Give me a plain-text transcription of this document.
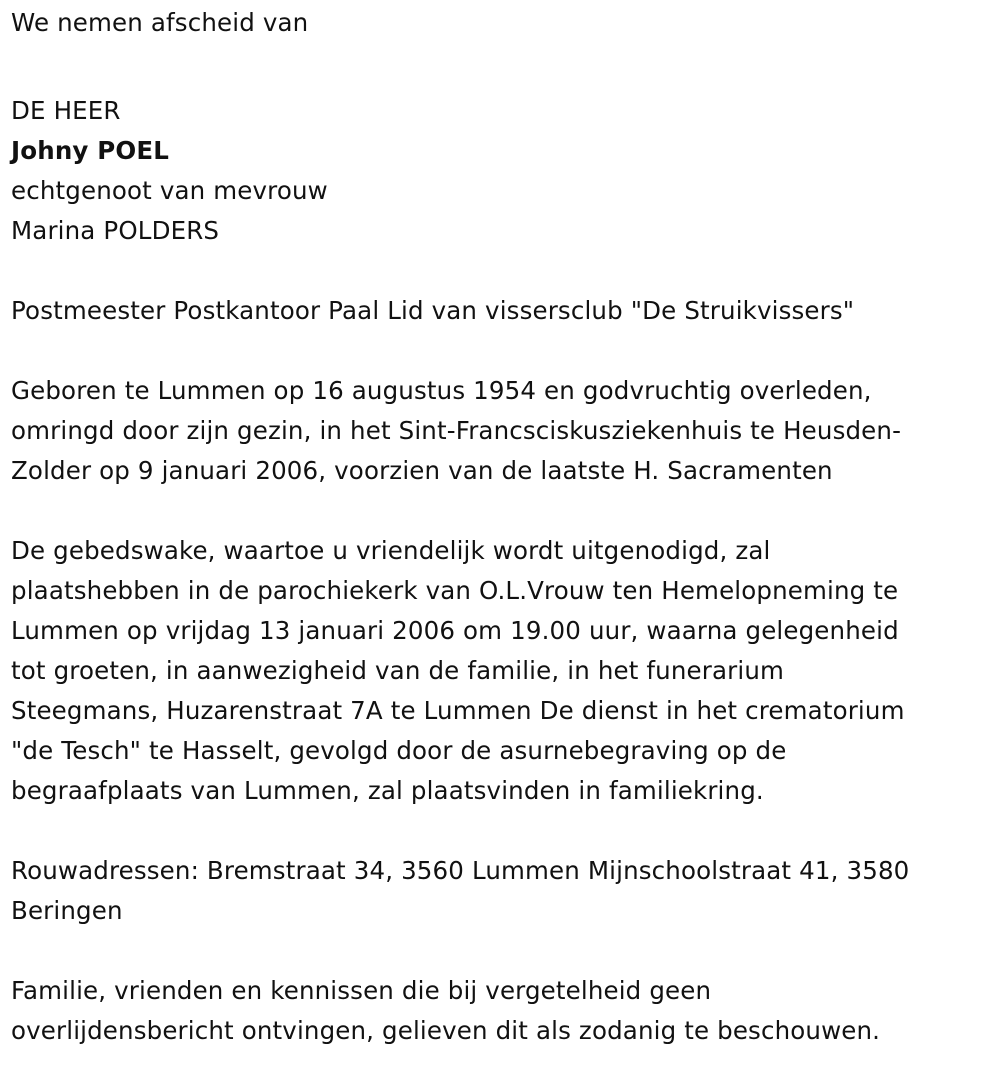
We nemen afscheid van

DE HEER

Johny POEL

echtgenoot van mevrouw

Marina POLDERS

Postmeester Postkantoor Paal Lid van vissersclub "De Struikvissers"

Geboren te Lummen op 16 augustus 1954 en godvruchtig overleden,

omringd door zijn gezin, in het Sint-Francsciskusziekenhuis te Heusden-

Zolder op 9 januari 2006, voorzien van de laatste H. Sacramenten

De gebedswake, waartoe u vriendelijk wordt uitgenodigd, zal

plaatshebben in de parochiekerk van O.L.Vrouw ten Hemelopneming te

Lummen op vrijdag 13 januari 2006 om 19.00 uur, waarna gelegenheid

tot groeten, in aanwezigheid van de familie, in het funerarium

Steegmans, Huzarenstraat 7A te Lummen De dienst in het crematorium

"de Tesch" te Hasselt, gevolgd door de asurnebegraving op de

begraafplaats van Lummen, zal plaatsvinden in familiekring.

Rouwadressen: Bremstraat 34, 3560 Lummen Mijnschoolstraat 41, 3580

Beringen

Familie, vrienden en kennissen die bij vergetelheid geen

overlijdensbericht ontvingen, gelieven dit als zodanig te beschouwen.
